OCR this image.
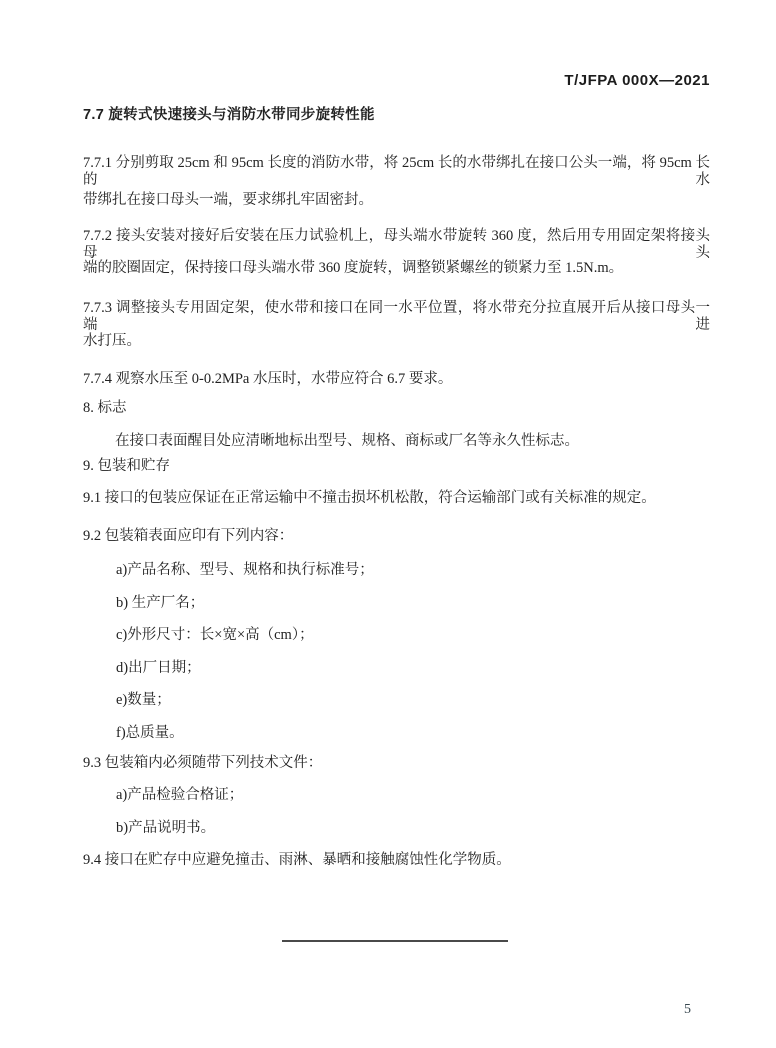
T/JFPA 000X—2021
7.7 旋转式快速接头与消防水带同步旋转性能
7.7.1 分别剪取 25cm 和 95cm 长度的消防水带，将 25cm 长的水带绑扎在接口公头一端，将 95cm 长的水
带绑扎在接口母头一端，要求绑扎牢固密封。
7.7.2 接头安装对接好后安装在压力试验机上，母头端水带旋转 360 度，然后用专用固定架将接头母头
端的胶圈固定，保持接口母头端水带 360 度旋转，调整锁紧螺丝的锁紧力至 1.5N.m。
7.7.3 调整接头专用固定架，使水带和接口在同一水平位置，将水带充分拉直展开后从接口母头一端进
水打压。
7.7.4 观察水压至 0-0.2MPa 水压时，水带应符合 6.7 要求。
8. 标志
在接口表面醒目处应清晰地标出型号、规格、商标或厂名等永久性标志。
9. 包装和贮存
9.1 接口的包装应保证在正常运输中不撞击损坏机松散，符合运输部门或有关标准的规定。
9.2 包装箱表面应印有下列内容：
a)产品名称、型号、规格和执行标准号；
b) 生产厂名；
c)外形尺寸：长×宽×高（cm）；
d)出厂日期；
e)数量；
f)总质量。
9.3 包装箱内必须随带下列技术文件：
a)产品检验合格证；
b)产品说明书。
9.4 接口在贮存中应避免撞击、雨淋、暴晒和接触腐蚀性化学物质。
5
